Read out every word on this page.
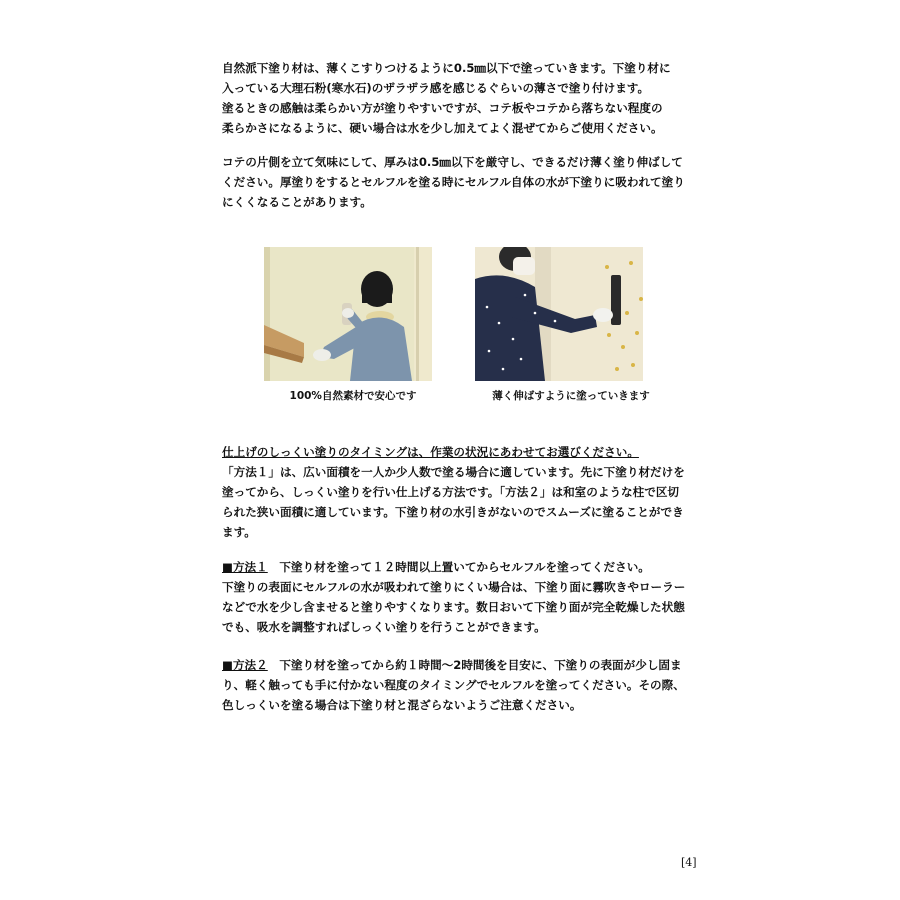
自然派下塗り材は、薄くこすりつけるように0.5㎜以下で塗っていきます。下塗り材に
入っている大理石粉(寒水石)のザラザラ感を感じるぐらいの薄さで塗り付けます。
塗るときの感触は柔らかい方が塗りやすいですが、コテ板やコテから落ちない程度の
柔らかさになるように、硬い場合は水を少し加えてよく混ぜてからご使用ください。
コテの片側を立て気味にして、厚みは0.5㎜以下を厳守し、できるだけ薄く塗り伸ばして
ください。厚塗りをするとセルフルを塗る時にセルフル自体の水が下塗りに吸われて塗り
にくくなることがあります。
100%自然素材で安心です	薄く伸ばすように塗っていきます
仕上げのしっくい塗りのタイミングは、作業の状況にあわせてお選びください。
「方法１」は、広い面積を一人か少人数で塗る場合に適しています。先に下塗り材だけを
塗ってから、しっくい塗りを行い仕上げる方法です。「方法２」は和室のような柱で区切
られた狭い面積に適しています。下塗り材の水引きがないのでスムーズに塗ることができ
ます。
■方法１　下塗り材を塗って１２時間以上置いてからセルフルを塗ってください。
下塗りの表面にセルフルの水が吸われて塗りにくい場合は、下塗り面に霧吹きやローラー
などで水を少し含ませると塗りやすくなります。数日おいて下塗り面が完全乾燥した状態
でも、吸水を調整すればしっくい塗りを行うことができます。
■方法２　下塗り材を塗ってから約１時間～2時間後を目安に、下塗りの表面が少し固ま
り、軽く触っても手に付かない程度のタイミングでセルフルを塗ってください。その際、
色しっくいを塗る場合は下塗り材と混ざらないようご注意ください。
[4]
